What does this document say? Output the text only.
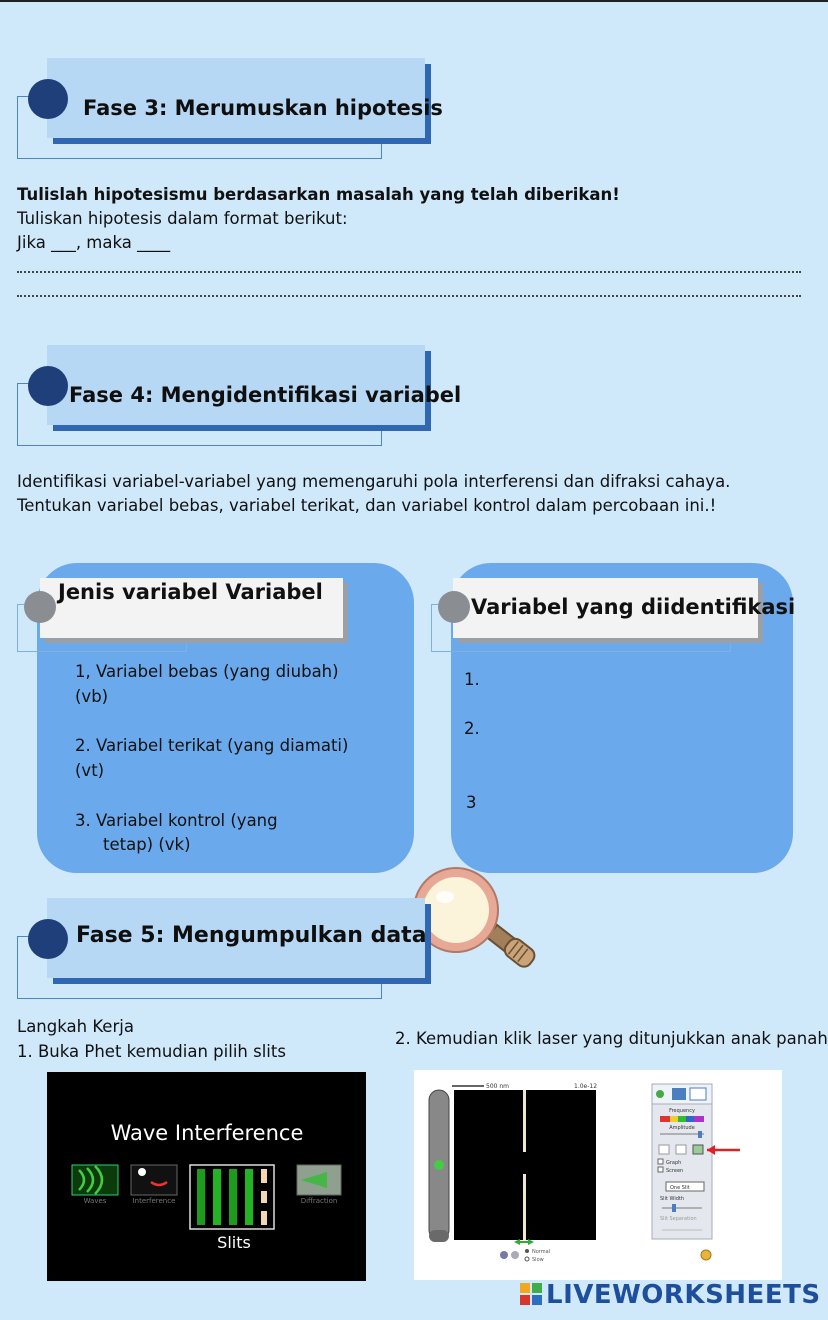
Fase 3: Merumuskan hipotesis
Tulislah hipotesismu berdasarkan masalah yang telah diberikan!
Tuliskan hipotesis dalam format berikut:
Jika ___, maka ____
Fase 4: Mengidentifikasi variabel
Identifikasi variabel-variabel yang memengaruhi pola interferensi dan difraksi cahaya.
Tentukan variabel bebas, variabel terikat, dan variabel kontrol dalam percobaan ini.!
Jenis variabel Variabel
1, Variabel bebas (yang diubah)
(vb)
2. Variabel terikat (yang diamati)
(vt)
3. Variabel kontrol (yang
tetap) (vk)
Variabel yang diidentifikasi
1.
2.
3
Fase 5: Mengumpulkan data
Langkah Kerja
1. Buka Phet kemudian pilih slits
2. Kemudian klik laser yang ditunjukkan anak panah
Wave Interference
Waves	Interference
Slits
Diffraction
500 nm	1.0e-12
Normal
Slow
Frequency
Amplitude
Graph
Screen
One Slit
Slit Width
Slit Separation
LIVEWORKSHEETS
